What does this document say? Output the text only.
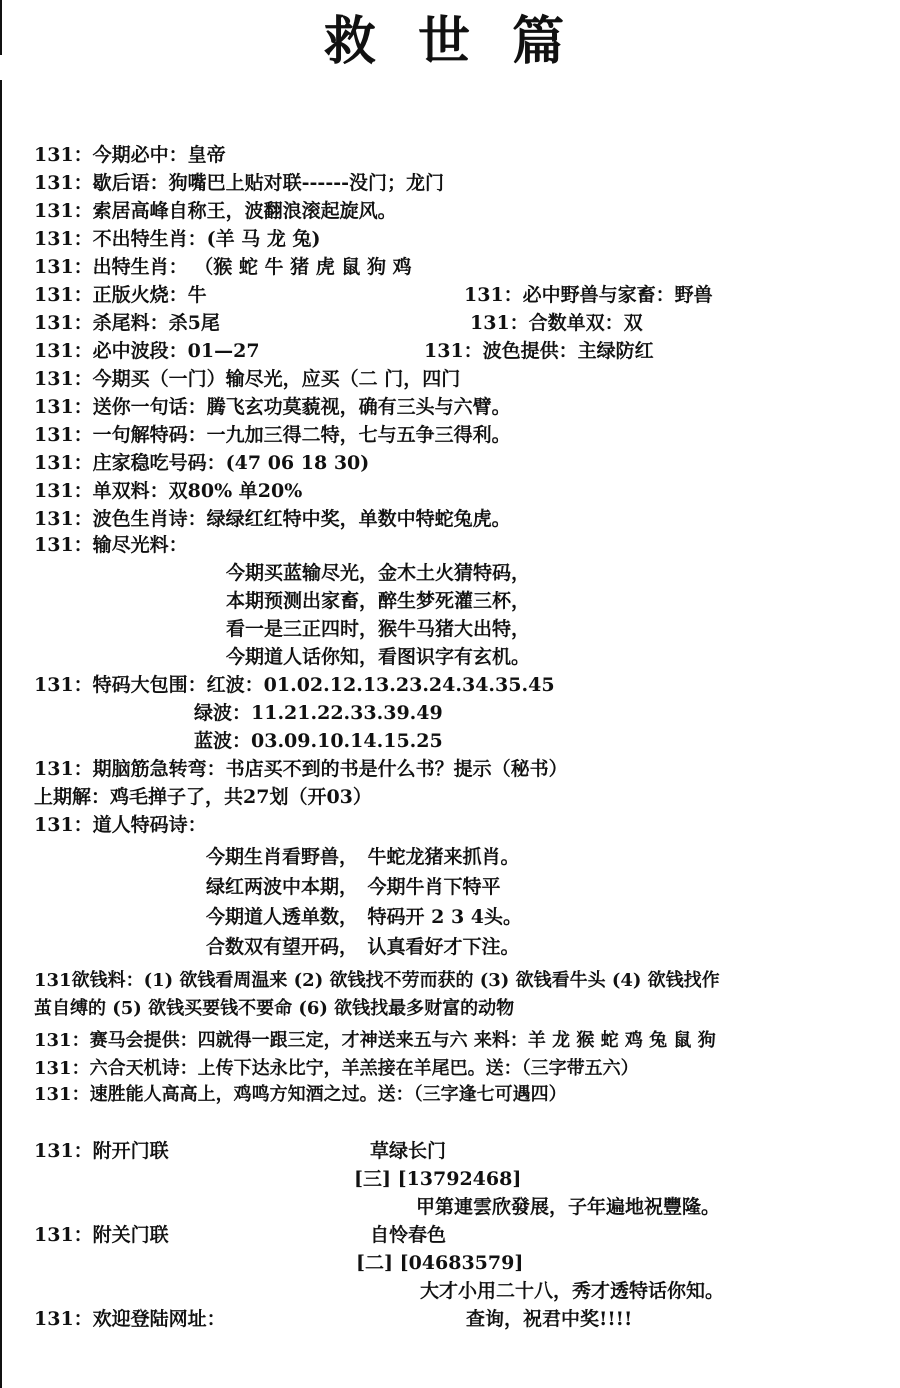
救 世 篇
131：今期必中：皇帝
131：歇后语：狗嘴巴上贴对联------没门；龙门
131：索居高峰自称王，波翻浪滚起旋风。
131：不出特生肖：(羊 马 龙 兔)
131：出特生肖： （猴 蛇 牛 猪 虎 鼠 狗 鸡
131：正版火烧：牛	131：必中野兽与家畜：野兽
131：杀尾料：杀5尾	131：合数单双：双
131：必中波段：01—27	131：波色提供：主绿防红
131：今期买（一门）输尽光，应买（二 门，四门
131：送你一句话：腾飞玄功莫藐视，确有三头与六臂。
131：一句解特码：一九加三得二特，七与五争三得利。
131：庄家稳吃号码：(47 06 18 30)
131：单双料：双80% 单20%
131：波色生肖诗：绿绿红红特中奖，单数中特蛇兔虎。
131：输尽光料：
今期买蓝输尽光，金木土火猜特码，
本期预测出家畜，醉生梦死灌三杯，
看一是三正四时，猴牛马猪大出特，
今期道人话你知，看图识字有玄机。
131：特码大包围：红波：01.02.12.13.23.24.34.35.45
绿波：11.21.22.33.39.49
蓝波：03.09.10.14.15.25
131：期脑筋急转弯：书店买不到的书是什么书？提示（秘书）
上期解：鸡毛掸子了，共27划（开03）
131：道人特码诗：
今期生肖看野兽，　牛蛇龙猪来抓肖。
绿红两波中本期，　今期牛肖下特平
今期道人透单数，　特码开 2 3 4头。
合数双有望开码，　认真看好才下注。
131欲钱料：(1) 欲钱看周温来 (2) 欲钱找不劳而获的 (3) 欲钱看牛头 (4) 欲钱找作
茧自缚的 (5) 欲钱买要钱不要命 (6) 欲钱找最多财富的动物
131：赛马会提供：四就得一跟三定，才神送来五与六 来料：羊 龙 猴 蛇 鸡 兔 鼠 狗
131：六合天机诗：上传下达永比宁，羊羔接在羊尾巴。送：（三字带五六）
131：速胜能人高高上，鸡鸣方知酒之过。送：（三字逢七可遇四）
131：附开门联	草绿长门
[三] [13792468]
甲第連雲欣發展，子年遍地祝豐隆。
131：附关门联	自怜春色
[二] [04683579]
大才小用二十八，秀才透特话你知。
131：欢迎登陆网址：	查询，祝君中奖!!!!
